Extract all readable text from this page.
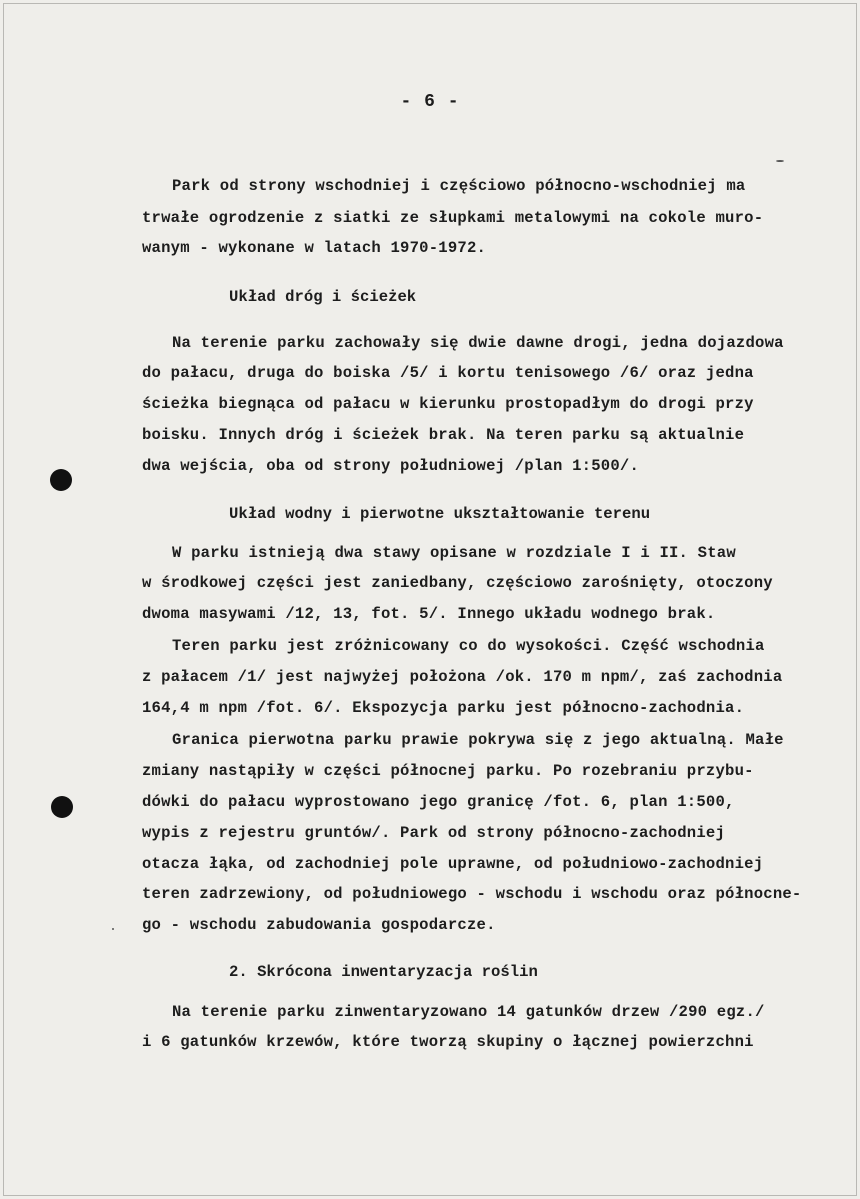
- 6 -
Park od strony wschodniej i częściowo północno-wschodniej ma
trwałe ogrodzenie z siatki ze słupkami metalowymi na cokole muro-
wanym - wykonane w latach 1970-1972.
Układ dróg i ścieżek
Na terenie parku zachowały się dwie dawne drogi, jedna dojazdowa
do pałacu, druga do boiska /5/ i kortu tenisowego /6/ oraz jedna
ścieżka biegnąca od pałacu w kierunku prostopadłym do drogi przy
boisku. Innych dróg i ścieżek brak. Na teren parku są aktualnie
dwa wejścia, oba od strony południowej /plan 1:500/.
Układ wodny i pierwotne ukształtowanie terenu
W parku istnieją dwa stawy opisane w rozdziale I i II. Staw
w środkowej części jest zaniedbany, częściowo zarośnięty, otoczony
dwoma masywami /12, 13, fot. 5/. Innego układu wodnego brak.
Teren parku jest zróżnicowany co do wysokości. Część wschodnia
z pałacem /1/ jest najwyżej położona /ok. 170 m npm/, zaś zachodnia
164,4 m npm /fot. 6/. Ekspozycja parku jest północno-zachodnia.
Granica pierwotna parku prawie pokrywa się z jego aktualną. Małe
zmiany nastąpiły w części północnej parku. Po rozebraniu przybu-
dówki do pałacu wyprostowano jego granicę /fot. 6, plan 1:500,
wypis z rejestru gruntów/. Park od strony północno-zachodniej
otacza łąka, od zachodniej pole uprawne, od południowo-zachodniej
teren zadrzewiony, od południowego - wschodu i wschodu oraz północne-
go - wschodu zabudowania gospodarcze.
2. Skrócona inwentaryzacja roślin
Na terenie parku zinwentaryzowano 14 gatunków drzew /290 egz./
i 6 gatunków krzewów, które tworzą skupiny o łącznej powierzchni
